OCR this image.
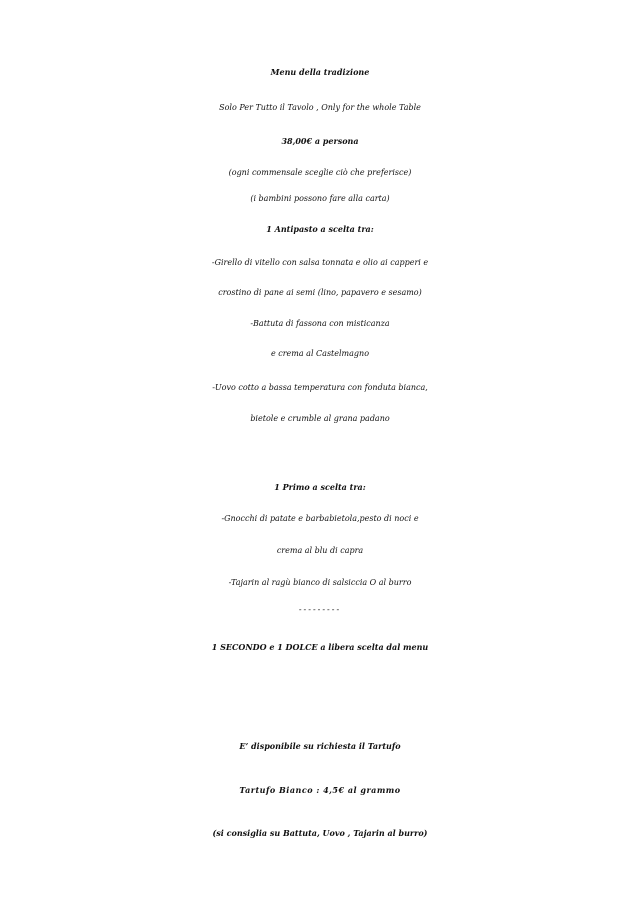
Menu della tradizione
Solo Per Tutto il Tavolo , Only for the whole Table
38,00€ a persona
(ogni commensale sceglie ciò che preferisce)
(i bambini possono fare alla carta)
1 Antipasto a scelta tra:
-Girello di vitello con salsa tonnata e olio ai capperi e
crostino di pane ai semi (lino, papavero e sesamo)
-Battuta di fassona con misticanza
e crema al Castelmagno
-Uovo cotto a bassa temperatura con fonduta bianca,
bietole e crumble al grana padano
1 Primo a scelta tra:
-Gnocchi di patate e barbabietola,pesto di noci e
crema al blu di capra
-Tajarin al ragù bianco di salsiccia O al burro
---------
1 SECONDO e 1 DOLCE a libera scelta dal menu
E’ disponibile su richiesta il Tartufo
Tartufo Bianco : 4,5€ al grammo
(si consiglia su Battuta, Uovo , Tajarin al burro)
